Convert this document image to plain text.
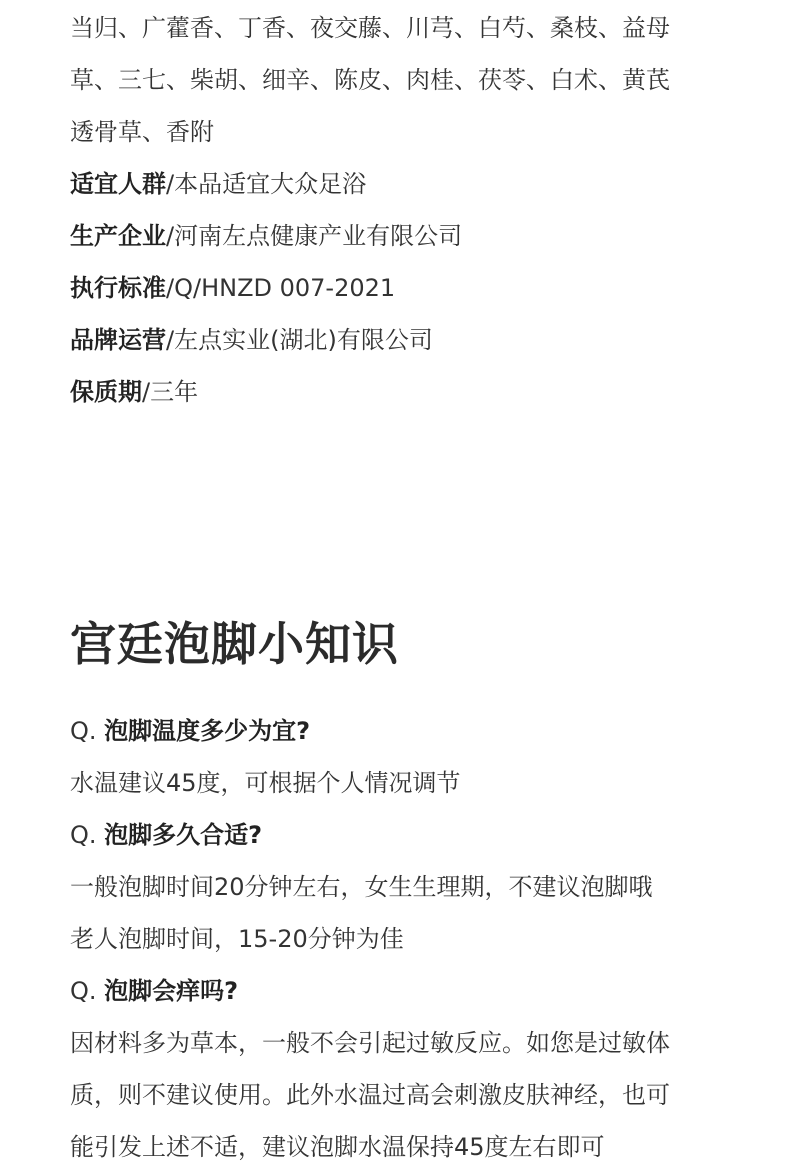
当归、广藿香、丁香、夜交藤、川芎、白芍、桑枝、益母
草、三七、柴胡、细辛、陈皮、肉桂、茯苓、白术、黄芪
透骨草、香附
适宜人群/本品适宜大众足浴
生产企业/河南左点健康产业有限公司
执行标准/Q/HNZD 007-2021
品牌运营/左点实业(湖北)有限公司
保质期/三年
宫廷泡脚小知识
Q. 泡脚温度多少为宜?
水温建议45度，可根据个人情况调节
Q. 泡脚多久合适?
一般泡脚时间20分钟左右，女生生理期，不建议泡脚哦
老人泡脚时间，15-20分钟为佳
Q. 泡脚会痒吗?
因材料多为草本，一般不会引起过敏反应。如您是过敏体
质，则不建议使用。此外水温过高会刺激皮肤神经，也可
能引发上述不适，建议泡脚水温保持45度左右即可
